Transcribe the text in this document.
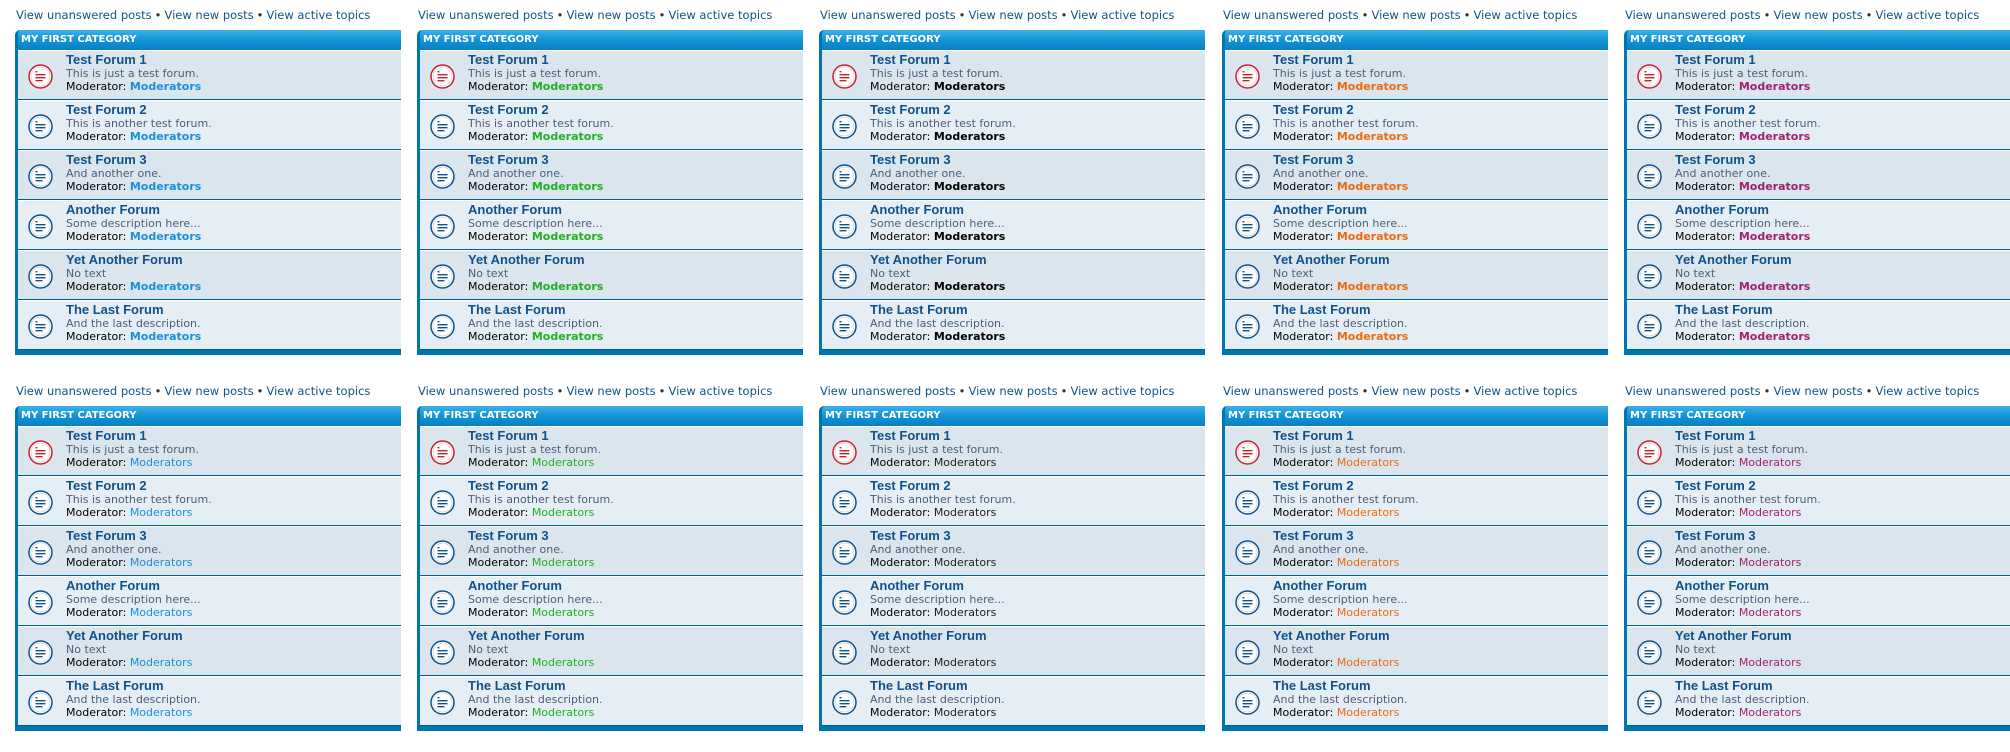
View unanswered posts • View new posts • View active topics
MY FIRST CATEGORY
Test Forum 1
This is just a test forum.
Moderator: Moderators
Test Forum 2
This is another test forum.
Moderator: Moderators
Test Forum 3
And another one.
Moderator: Moderators
Another Forum
Some description here...
Moderator: Moderators
Yet Another Forum
No text
Moderator: Moderators
The Last Forum
And the last description.
Moderator: Moderators
View unanswered posts • View new posts • View active topics
MY FIRST CATEGORY
Test Forum 1
This is just a test forum.
Moderator: Moderators
Test Forum 2
This is another test forum.
Moderator: Moderators
Test Forum 3
And another one.
Moderator: Moderators
Another Forum
Some description here...
Moderator: Moderators
Yet Another Forum
No text
Moderator: Moderators
The Last Forum
And the last description.
Moderator: Moderators
View unanswered posts • View new posts • View active topics
MY FIRST CATEGORY
Test Forum 1
This is just a test forum.
Moderator: Moderators
Test Forum 2
This is another test forum.
Moderator: Moderators
Test Forum 3
And another one.
Moderator: Moderators
Another Forum
Some description here...
Moderator: Moderators
Yet Another Forum
No text
Moderator: Moderators
The Last Forum
And the last description.
Moderator: Moderators
View unanswered posts • View new posts • View active topics
MY FIRST CATEGORY
Test Forum 1
This is just a test forum.
Moderator: Moderators
Test Forum 2
This is another test forum.
Moderator: Moderators
Test Forum 3
And another one.
Moderator: Moderators
Another Forum
Some description here...
Moderator: Moderators
Yet Another Forum
No text
Moderator: Moderators
The Last Forum
And the last description.
Moderator: Moderators
View unanswered posts • View new posts • View active topics
MY FIRST CATEGORY
Test Forum 1
This is just a test forum.
Moderator: Moderators
Test Forum 2
This is another test forum.
Moderator: Moderators
Test Forum 3
And another one.
Moderator: Moderators
Another Forum
Some description here...
Moderator: Moderators
Yet Another Forum
No text
Moderator: Moderators
The Last Forum
And the last description.
Moderator: Moderators
View unanswered posts • View new posts • View active topics
MY FIRST CATEGORY
Test Forum 1
This is just a test forum.
Moderator: Moderators
Test Forum 2
This is another test forum.
Moderator: Moderators
Test Forum 3
And another one.
Moderator: Moderators
Another Forum
Some description here...
Moderator: Moderators
Yet Another Forum
No text
Moderator: Moderators
The Last Forum
And the last description.
Moderator: Moderators
View unanswered posts • View new posts • View active topics
MY FIRST CATEGORY
Test Forum 1
This is just a test forum.
Moderator: Moderators
Test Forum 2
This is another test forum.
Moderator: Moderators
Test Forum 3
And another one.
Moderator: Moderators
Another Forum
Some description here...
Moderator: Moderators
Yet Another Forum
No text
Moderator: Moderators
The Last Forum
And the last description.
Moderator: Moderators
View unanswered posts • View new posts • View active topics
MY FIRST CATEGORY
Test Forum 1
This is just a test forum.
Moderator: Moderators
Test Forum 2
This is another test forum.
Moderator: Moderators
Test Forum 3
And another one.
Moderator: Moderators
Another Forum
Some description here...
Moderator: Moderators
Yet Another Forum
No text
Moderator: Moderators
The Last Forum
And the last description.
Moderator: Moderators
View unanswered posts • View new posts • View active topics
MY FIRST CATEGORY
Test Forum 1
This is just a test forum.
Moderator: Moderators
Test Forum 2
This is another test forum.
Moderator: Moderators
Test Forum 3
And another one.
Moderator: Moderators
Another Forum
Some description here...
Moderator: Moderators
Yet Another Forum
No text
Moderator: Moderators
The Last Forum
And the last description.
Moderator: Moderators
View unanswered posts • View new posts • View active topics
MY FIRST CATEGORY
Test Forum 1
This is just a test forum.
Moderator: Moderators
Test Forum 2
This is another test forum.
Moderator: Moderators
Test Forum 3
And another one.
Moderator: Moderators
Another Forum
Some description here...
Moderator: Moderators
Yet Another Forum
No text
Moderator: Moderators
The Last Forum
And the last description.
Moderator: Moderators
